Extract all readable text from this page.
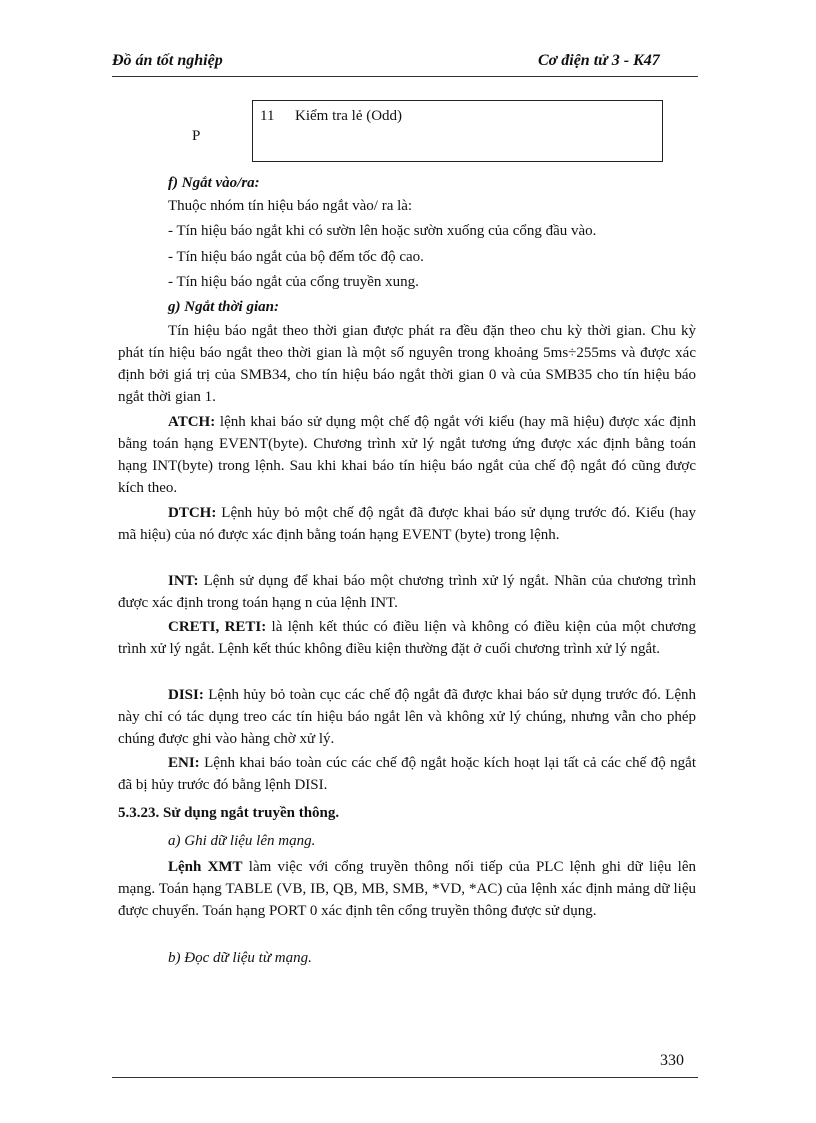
Đồ án tốt nghiệp	Cơ điện tử 3 - K47
P
11 Kiểm tra lẻ (Odd)
f) Ngắt vào/ra:
Thuộc nhóm tín hiệu báo ngắt vào/ ra là:
- Tín hiệu báo ngắt khi có sườn lên hoặc sườn xuống của cổng đầu vào.
- Tín hiệu báo ngắt của bộ đếm tốc độ cao.
- Tín hiệu báo ngắt của cổng truyền xung.
g) Ngắt thời gian:
Tín hiệu báo ngắt theo thời gian được phát ra đều đặn theo chu kỳ thời gian. Chu kỳ phát tín hiệu báo ngắt theo thời gian là một số nguyên trong khoảng 5ms÷255ms và được xác định bởi giá trị của SMB34, cho tín hiệu báo ngắt thời gian 0 và của SMB35 cho tín hiệu báo ngắt thời gian 1.
ATCH: lệnh khai báo sử dụng một chế độ ngắt với kiểu (hay mã hiệu) được xác định bằng toán hạng EVENT(byte). Chương trình xử lý ngắt tương ứng được xác định bằng toán hạng INT(byte) trong lệnh. Sau khi khai báo tín hiệu báo ngắt của chế độ ngắt đó cũng được kích theo.
DTCH: Lệnh hủy bỏ một chế độ ngắt đã được khai báo sử dụng trước đó. Kiểu (hay mã hiệu) của nó được xác định bằng toán hạng EVENT (byte) trong lệnh.
INT: Lệnh sử dụng để khai báo một chương trình xử lý ngắt. Nhãn của chương trình được xác định trong toán hạng n của lệnh INT.
CRETI, RETI: là lệnh kết thúc có điều liện và không có điều kiện của một chương trình xử lý ngắt. Lệnh kết thúc không điều kiện thường đặt ở cuối chương trình xử lý ngắt.
DISI: Lệnh hủy bỏ toàn cục các chế độ ngắt đã được khai báo sử dụng trước đó. Lệnh này chỉ có tác dụng treo các tín hiệu báo ngắt lên và không xử lý chúng, nhưng vẫn cho phép chúng được ghi vào hàng chờ xử lý.
ENI: Lệnh khai báo toàn cúc các chế độ ngắt hoặc kích hoạt lại tất cả các chế độ ngắt đã bị hủy trước đó bằng lệnh DISI.
5.3.23. Sử dụng ngắt truyền thông.
a) Ghi dữ liệu lên mạng.
Lệnh XMT làm việc với cổng truyền thông nối tiếp của PLC lệnh ghi dữ liệu lên mạng. Toán hạng TABLE (VB, IB, QB, MB, SMB, *VD, *AC) của lệnh xác định mảng dữ liệu được chuyển. Toán hạng PORT 0 xác định tên cổng truyền thông được sử dụng.
b) Đọc dữ liệu từ mạng.
330
